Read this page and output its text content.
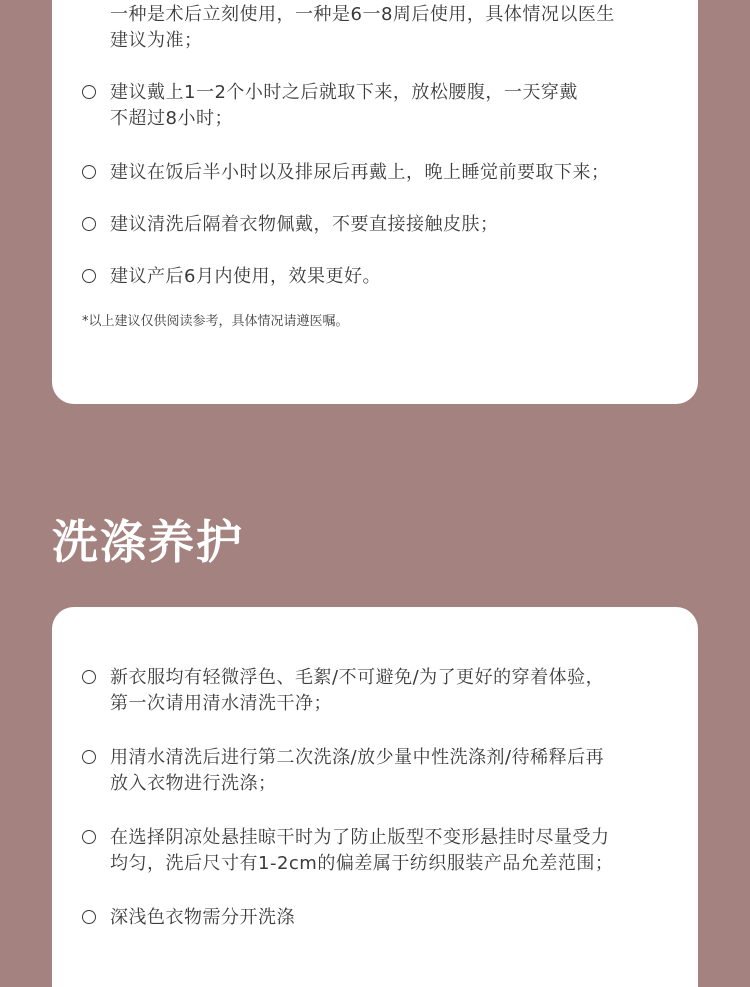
一种是术后立刻使用，一种是6一8周后使用，具体情况以医生
建议为准；
建议戴上1一2个小时之后就取下来，放松腰腹，一天穿戴
不超过8小时；
建议在饭后半小时以及排尿后再戴上，晚上睡觉前要取下来；
建议清洗后隔着衣物佩戴，不要直接接触皮肤；
建议产后6月内使用，效果更好。
*以上建议仅供阅读参考，具体情况请遵医嘱。
洗涤养护
新衣服均有轻微浮色、毛絮/不可避免/为了更好的穿着体验，
第一次请用清水清洗干净；
用清水清洗后进行第二次洗涤/放少量中性洗涤剂/待稀释后再
放入衣物进行洗涤；
在选择阴凉处悬挂晾干时为了防止版型不变形悬挂时尽量受力
均匀，洗后尺寸有1-2cm的偏差属于纺织服装产品允差范围；
深浅色衣物需分开洗涤
